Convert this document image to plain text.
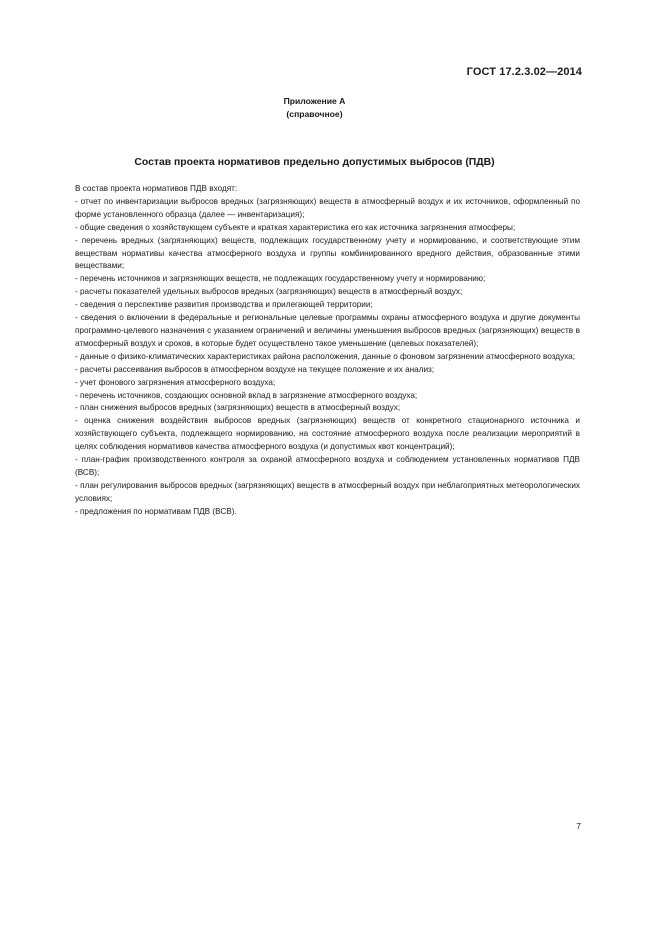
ГОСТ 17.2.3.02—2014
Приложение А
(справочное)
Состав проекта нормативов предельно допустимых выбросов (ПДВ)

В состав проекта нормативов ПДВ входят:

- отчет по инвентаризации выбросов вредных (загрязняющих) веществ в атмосферный воздух и их источников, оформленный по форме установленного образца (далее — инвентаризация);

- общие сведения о хозяйствующем субъекте и краткая характеристика его как источника загрязнения атмосферы;

- перечень вредных (загрязняющих) веществ, подлежащих государственному учету и нормированию, и соответствующие этим веществам нормативы качества атмосферного воздуха и группы комбинированного вредного действия, образованные этими веществами;

- перечень источников и загрязняющих веществ, не подлежащих государственному учету и нормированию;

- расчеты показателей удельных выбросов вредных (загрязняющих) веществ в атмосферный воздух;

- сведения о перспективе развития производства и прилегающей территории;

- сведения о включении в федеральные и региональные целевые программы охраны атмосферного воздуха и другие документы программно-целевого назначения с указанием ограничений и величины уменьшения выбросов вредных (загрязняющих) веществ в атмосферный воздух и сроков, в которые будет осуществлено такое уменьшение (целевых показателей);

- данные о физико-климатических характеристиках района расположения, данные о фоновом загрязнении атмосферного воздуха;

- расчеты рассеивания выбросов в атмосферном воздухе на текущее положение и их анализ;

- учет фонового загрязнения атмосферного воздуха;

- перечень источников, создающих основной вклад в загрязнение атмосферного воздуха;

- план снижения выбросов вредных (загрязняющих) веществ в атмосферный воздух;

- оценка снижения воздействия выбросов вредных (загрязняющих) веществ от конкретного стационарного источника и хозяйствующего субъекта, подлежащего нормированию, на состояние атмосферного воздуха после реализации мероприятий в целях соблюдения нормативов качества атмосферного воздуха (и допустимых квот концентраций);

- план-график производственного контроля за охраной атмосферного воздуха и соблюдением установленных нормативов ПДВ (ВСВ);

- план регулирования выбросов вредных (загрязняющих) веществ в атмосферный воздух при неблагоприятных метеорологических условиях;

- предложения по нормативам ПДВ (ВСВ).

7
